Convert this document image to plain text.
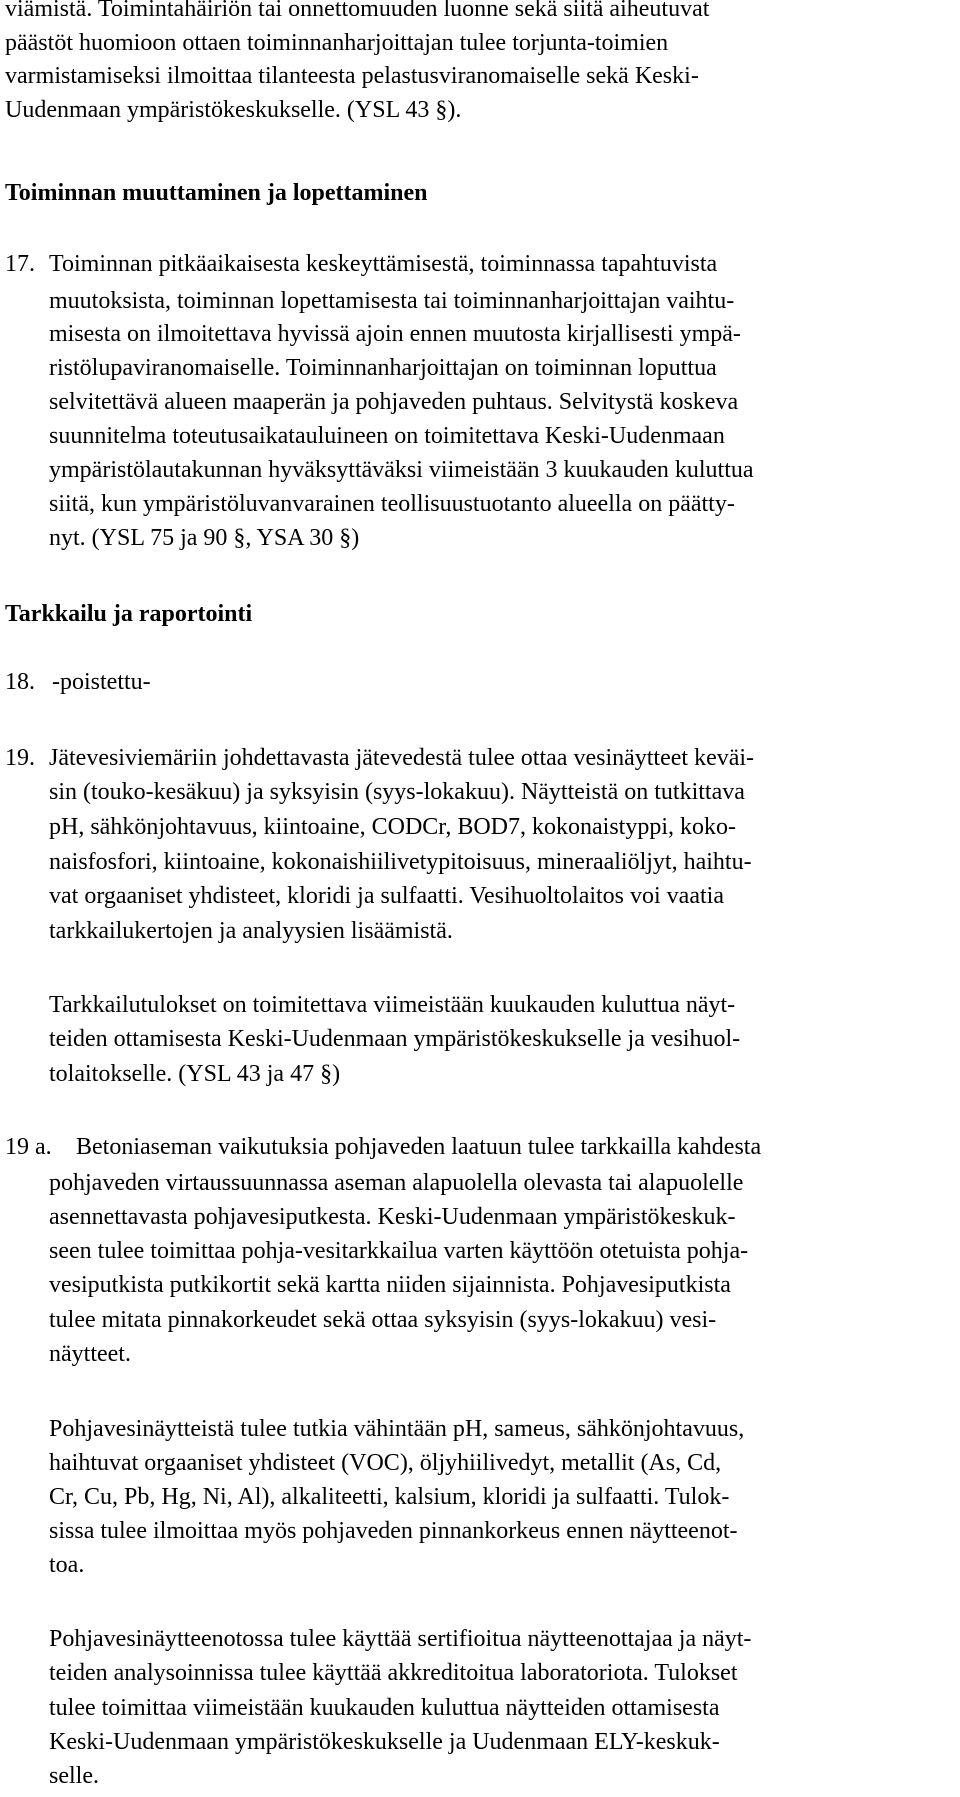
viämistä. Toimintahäiriön tai onnettomuuden luonne sekä siitä aiheutuvat

päästöt huomioon ottaen toiminnanharjoittajan tulee torjunta-toimien

varmistamiseksi ilmoittaa tilanteesta pelastusviranomaiselle sekä Keski-

Uudenmaan ympäristökeskukselle. (YSL 43 §).

Toiminnan muuttaminen ja lopettaminen

17. Toiminnan pitkäaikaisesta keskeyttämisestä, toiminnassa tapahtuvista

muutoksista, toiminnan lopettamisesta tai toiminnanharjoittajan vaihtu-

misesta on ilmoitettava hyvissä ajoin ennen muutosta kirjallisesti ympä-

ristölupaviranomaiselle. Toiminnanharjoittajan on toiminnan loputtua

selvitettävä alueen maaperän ja pohjaveden puhtaus. Selvitystä koskeva

suunnitelma toteutusaikatauluineen on toimitettava Keski-Uudenmaan

ympäristölautakunnan hyväksyttäväksi viimeistään 3 kuukauden kuluttua

siitä, kun ympäristöluvanvarainen teollisuustuotanto alueella on päätty-

nyt. (YSL 75 ja 90 §, YSA 30 §)

Tarkkailu ja raportointi

18. -poistettu-

19. Jätevesiviemäriin johdettavasta jätevedestä tulee ottaa vesinäytteet keväi-

sin (touko-kesäkuu) ja syksyisin (syys-lokakuu). Näytteistä on tutkittava

pH, sähkönjohtavuus, kiintoaine, CODCr, BOD7, kokonaistyppi, koko-

naisfosfori, kiintoaine, kokonaishiilivetypitoisuus, mineraaliöljyt, haihtu-

vat orgaaniset yhdisteet, kloridi ja sulfaatti. Vesihuoltolaitos voi vaatia

tarkkailukertojen ja analyysien lisäämistä.

Tarkkailutulokset on toimitettava viimeistään kuukauden kuluttua näyt-

teiden ottamisesta Keski-Uudenmaan ympäristökeskukselle ja vesihuol-

tolaitokselle. (YSL 43 ja 47 §)

19 a. Betoniaseman vaikutuksia pohjaveden laatuun tulee tarkkailla kahdesta

pohjaveden virtaussuunnassa aseman alapuolella olevasta tai alapuolelle

asennettavasta pohjavesiputkesta. Keski-Uudenmaan ympäristökeskuk-

seen tulee toimittaa pohja-vesitarkkailua varten käyttöön otetuista pohja-

vesiputkista putkikortit sekä kartta niiden sijainnista. Pohjavesiputkista

tulee mitata pinnakorkeudet sekä ottaa syksyisin (syys-lokakuu) vesi-

näytteet.

Pohjavesinäytteistä tulee tutkia vähintään pH, sameus, sähkönjohtavuus,

haihtuvat orgaaniset yhdisteet (VOC), öljyhiilivedyt, metallit (As, Cd,

Cr, Cu, Pb, Hg, Ni, Al), alkaliteetti, kalsium, kloridi ja sulfaatti. Tulok-

sissa tulee ilmoittaa myös pohjaveden pinnankorkeus ennen näytteenot-

toa.

Pohjavesinäytteenotossa tulee käyttää sertifioitua näytteenottajaa ja näyt-

teiden analysoinnissa tulee käyttää akkreditoitua laboratoriota. Tulokset

tulee toimittaa viimeistään kuukauden kuluttua näytteiden ottamisesta

Keski-Uudenmaan ympäristökeskukselle ja Uudenmaan ELY-keskuk-

selle.
